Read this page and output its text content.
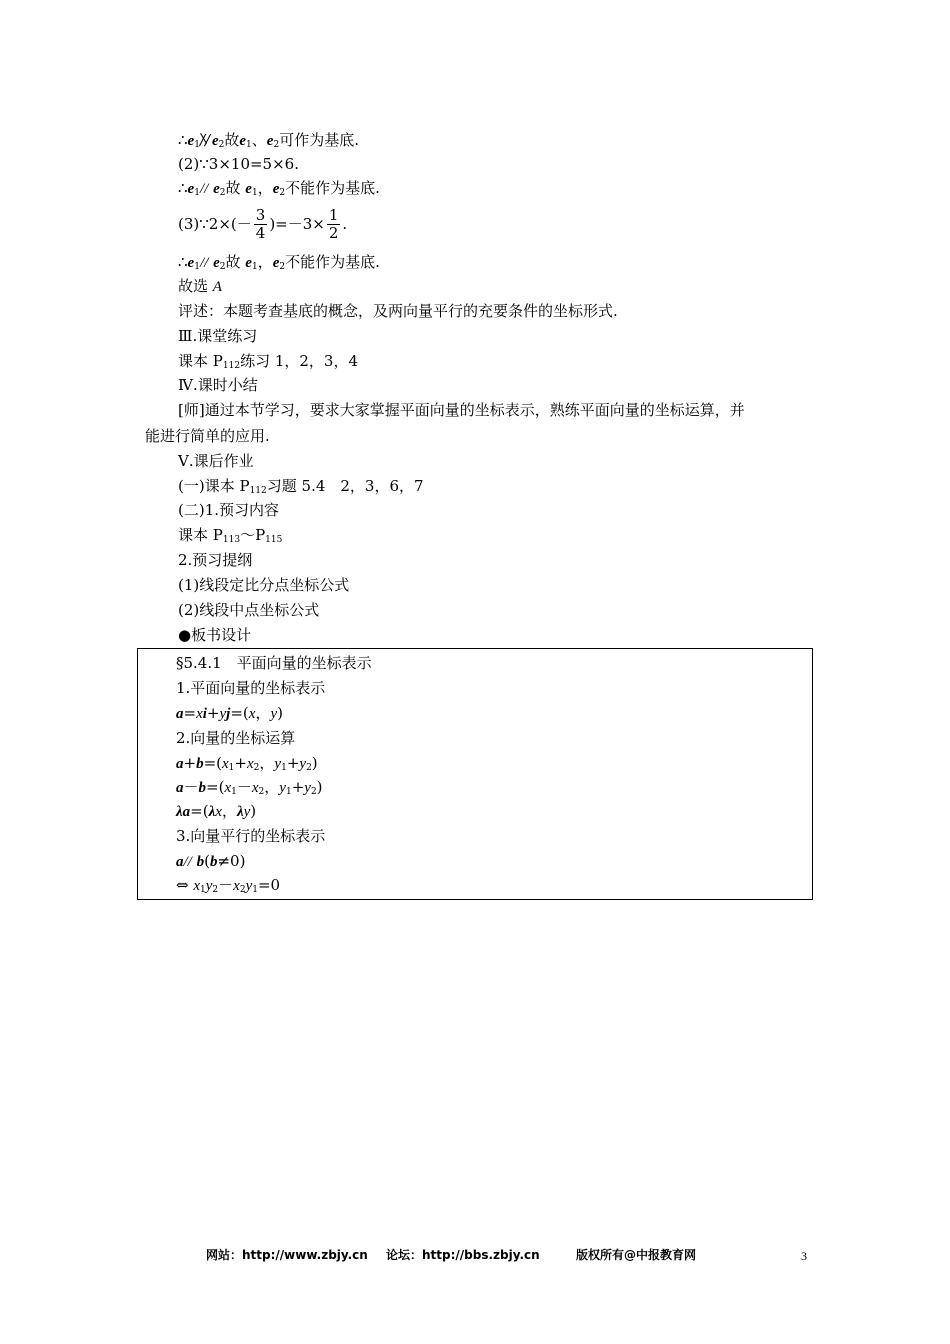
$\therefore e_1//$ $e_2$故$e_1$、$e_2$可作为基底.
(2)∵3×10=5×6.
$\therefore e_1//$ $e_2$故 $e_1$，$e_2$不能作为基底.
(3)∵2×(－ $\frac{3}{4} )=-3\times \frac{1}{2}$ .
$\therefore e_1//$ $e_2$故 $e_1$，$e_2$不能作为基底.
故选 A
评述：本题考查基底的概念，及两向量平行的充要条件的坐标形式.
Ⅲ.课堂练习
课本 $P_{112}$练习 1，2，3，4
Ⅳ.课时小结
[师]通过本节学习，要求大家掌握平面向量的坐标表示，熟练平面向量的坐标运算，并
能进行简单的应用.
Ⅴ.课后作业
(一)课本 $P_{112}$习题 5.4　2，3，6，7
(二)1.预习内容
课本 $P_{113}\sim P_{115}$
2.预习提纲
(1)线段定比分点坐标公式
(2)线段中点坐标公式
●板书设计
§5.4.1　平面向量的坐标表示
1.平面向量的坐标表示
a=xi+yj=(x，y)
2.向量的坐标运算
$a+b=(x_1+x_2$，$y_1+y_2$)
$a-b=(x_1-x_2$，$y_1+y_2$)
λa=(λx，λy)
3.向量平行的坐标表示
a// b(b≠0)
⇔ $x_1y_2-x_2y_1=0$
网站：http://www.zbjy.cn 论坛：http://bbs.zbjy.cn	版权所有@中报教育网	3
